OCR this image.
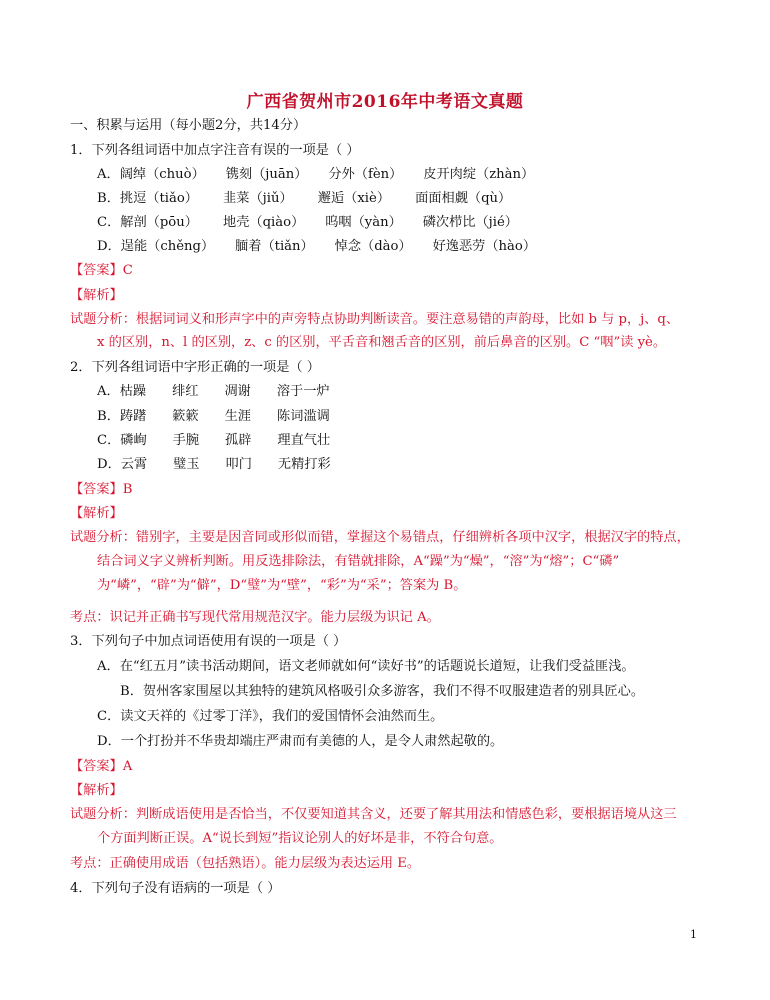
广西省贺州市2016年中考语文真题
一、积累与运用（每小题2分，共14分）
1．下列各组词语中加点字注音有误的一项是（ ）
A．阔绰（chuò）     镌刻（juān）     分外（fèn）     皮开肉绽（zhàn）
B．挑逗（tiǎo）      韭菜（jiǔ）      邂逅（xiè）      面面相觑（qù）
C．解剖（pōu）      地壳（qiào）     呜咽（yàn）     磷次栉比（jié）
D．逞能（chěng）     腼着（tiǎn）     悼念（dào）     好逸恶劳（hào）
【答案】C
【解析】
试题分析：根据词词义和形声字中的声旁特点协助判断读音。要注意易错的声韵母，比如 b 与 p，j、q、
x 的区别，n、l 的区别，z、c 的区别，平舌音和翘舌音的区别，前后鼻音的区别。C “咽”读 yè。
2．下列各组词语中字形正确的一项是（ ）
A．枯躁 绯红 凋谢 溶于一炉
B．踌躇 簌簌 生涯 陈词滥调
C．磷峋 手腕 孤辟 理直气壮
D．云霄 璧玉 叩门 无精打彩
【答案】B
【解析】
试题分析：错别字，主要是因音同或形似而错，掌握这个易错点，仔细辨析各项中汉字，根据汉字的特点，
结合词义字义辨析判断。用反选排除法，有错就排除，A“躁”为“燥”，“溶”为“熔”；C“磷”
为“嶙”，“辟”为“僻”，D“璧”为“壁”，“彩”为“采”；答案为 B。
考点：识记并正确书写现代常用规范汉字。能力层级为识记 A。
3．下列句子中加点词语使用有误的一项是（ ）
A．在“红五月”读书活动期间，语文老师就如何“读好书”的话题说长道短，让我们受益匪浅。
B．贺州客家围屋以其独特的建筑风格吸引众多游客，我们不得不叹服建造者的别具匠心。
C．读文天祥的《过零丁洋》，我们的爱国情怀会油然而生。
D．一个打扮并不华贵却端庄严肃而有美德的人，是令人肃然起敬的。
【答案】A
【解析】
试题分析：判断成语使用是否恰当，不仅要知道其含义，还要了解其用法和情感色彩，要根据语境从这三
个方面判断正误。A“说长到短”指议论别人的好坏是非，不符合句意。
考点：正确使用成语（包括熟语）。能力层级为表达运用 E。
4．下列句子没有语病的一项是（ ）
1
